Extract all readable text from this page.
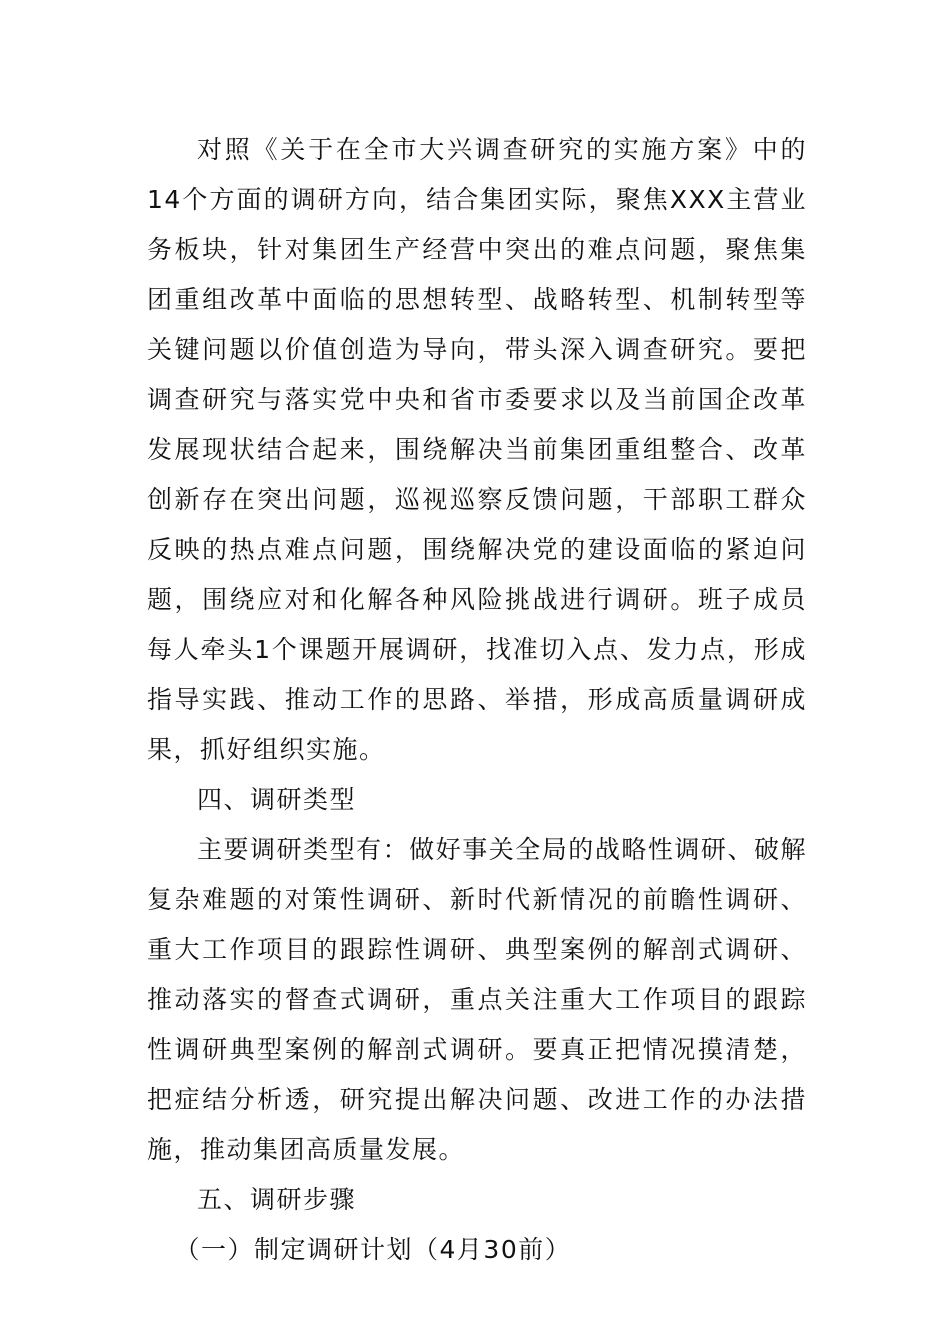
对照《关于在全市大兴调查研究的实施方案》中的14个方面的调研方向，结合集团实际，聚焦XXX主营业务板块，针对集团生产经营中突出的难点问题，聚焦集团重组改革中面临的思想转型、战略转型、机制转型等关键问题以价值创造为导向，带头深入调查研究。要把调查研究与落实党中央和省市委要求以及当前国企改革发展现状结合起来，围绕解决当前集团重组整合、改革创新存在突出问题，巡视巡察反馈问题，干部职工群众反映的热点难点问题，围绕解决党的建设面临的紧迫问题，围绕应对和化解各种风险挑战进行调研。班子成员每人牵头1个课题开展调研，找准切入点、发力点，形成指导实践、推动工作的思路、举措，形成高质量调研成果，抓好组织实施。

四、调研类型

主要调研类型有：做好事关全局的战略性调研、破解复杂难题的对策性调研、新时代新情况的前瞻性调研、重大工作项目的跟踪性调研、典型案例的解剖式调研、推动落实的督查式调研，重点关注重大工作项目的跟踪性调研典型案例的解剖式调研。要真正把情况摸清楚，把症结分析透，研究提出解决问题、改进工作的办法措施，推动集团高质量发展。

五、调研步骤

（一）制定调研计划（4月30前）
